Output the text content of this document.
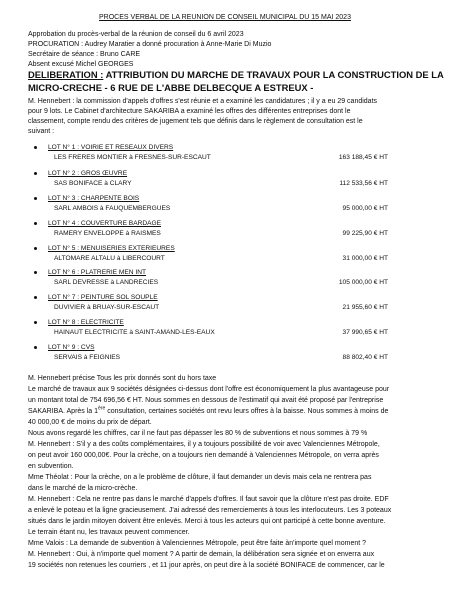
PROCES VERBAL DE LA REUNION DE CONSEIL MUNICIPAL DU 15 MAI 2023
Approbation du procès-verbal de la réunion de conseil du 6 avril 2023
PROCURATION : Audrey Maratier a donné procuration à Anne-Marie Di Muzio
Secrétaire de séance : Bruno CARE
Absent excusé Michel GEORGES
DELIBERATION : ATTRIBUTION DU MARCHE DE TRAVAUX POUR LA CONSTRUCTION DE LA
MICRO-CRECHE - 6 RUE DE L'ABBE DELBECQUE A ESTREUX -
M. Hennebert : la commission d'appels d'offres s'est réunie et a examiné les candidatures ; il y a eu 29 candidats
pour 9 lots. Le Cabinet d'architecture SAKARIBA a examiné les offres des différentes entreprises dont le
classement, compte rendu des critères de jugement tels que définis dans le règlement de consultation est le
suivant :
LOT N° 1 : VOIRIE ET RESEAUX DIVERS
LES FRERES MONTIER à FRESNES-SUR-ESCAUT	163 188,45 € HT
LOT N° 2 : GROS ŒUVRE
SAS BONIFACE à CLARY	112 533,56 € HT
LOT N° 3 : CHARPENTE BOIS
SARL AMBOIS à FAUQUEMBERGUES	95 000,00 € HT
LOT N° 4 : COUVERTURE BARDAGE
RAMERY ENVELOPPE à RAISMES	99 225,90 € HT
LOT N° 5 : MENUISERIES EXTERIEURES
ALTOMARE ALTALU à LIBERCOURT	31 000,00 € HT
LOT N° 6 : PLATRERIE MEN INT
SARL DEVRESSE à LANDRECIES	105 000,00 € HT
LOT N° 7 : PEINTURE SOL SOUPLE
DUVIVIER à BRUAY-SUR-ESCAUT	21 955,60 € HT
LOT N° 8 : ELECTRICITE
HAINAUT ELECTRICITE à SAINT-AMAND-LES-EAUX	37 990,65 € HT
LOT N° 9 : CVS
SERVAIS à FEIGNIES	88 802,40 € HT
M. Hennebert précise Tous les prix donnés sont du hors taxe
Le marché de travaux aux 9 sociétés désignées ci-dessus dont l'offre est économiquement la plus avantageuse pour
un montant total de 754 696,56 € HT. Nous sommes en dessous de l'estimatif qui avait été proposé par l'entreprise
SAKARIBA. Après la 1ère consultation, certaines sociétés ont revu leurs offres à la baisse. Nous sommes à moins de
40 000,00 € de moins du prix de départ.
Nous avons regardé les chiffres, car il ne faut pas dépasser les 80 % de subventions et nous sommes à 79 %
M. Hennebert : S'il y a des coûts complémentaires, il y a toujours possibilité de voir avec Valenciennes Métropole,
on peut avoir 160 000,00€. Pour la crèche, on a toujours rien demandé à Valenciennes Métropole, on verra après
en subvention.
Mme Théolat : Pour la crèche, on a le problème de clôture, il faut demander un devis mais cela ne rentrera pas
dans le marché de la micro-crèche.
M. Hennebert : Cela ne rentre pas dans le marché d'appels d'offres. Il faut savoir que la clôture n'est pas droite. EDF
a enlevé le poteau et la ligne gracieusement. J'ai adressé des remerciements à tous les interlocuteurs. Les 3 poteaux
situés dans le jardin mitoyen doivent être enlevés. Merci à tous les acteurs qui ont participé à cette bonne aventure.
Le terrain étant nu, les travaux peuvent commencer.
Mme Valois : La demande de subvention à Valenciennes Métropole, peut être faite àn'importe quel moment ?
M. Hennebert : Oui, à n'importe quel moment ? A partir de demain, la délibération sera signée et on enverra aux
19 sociétés non retenues les courriers , et 11 jour après, on peut dire à la société BONIFACE de commencer, car le
